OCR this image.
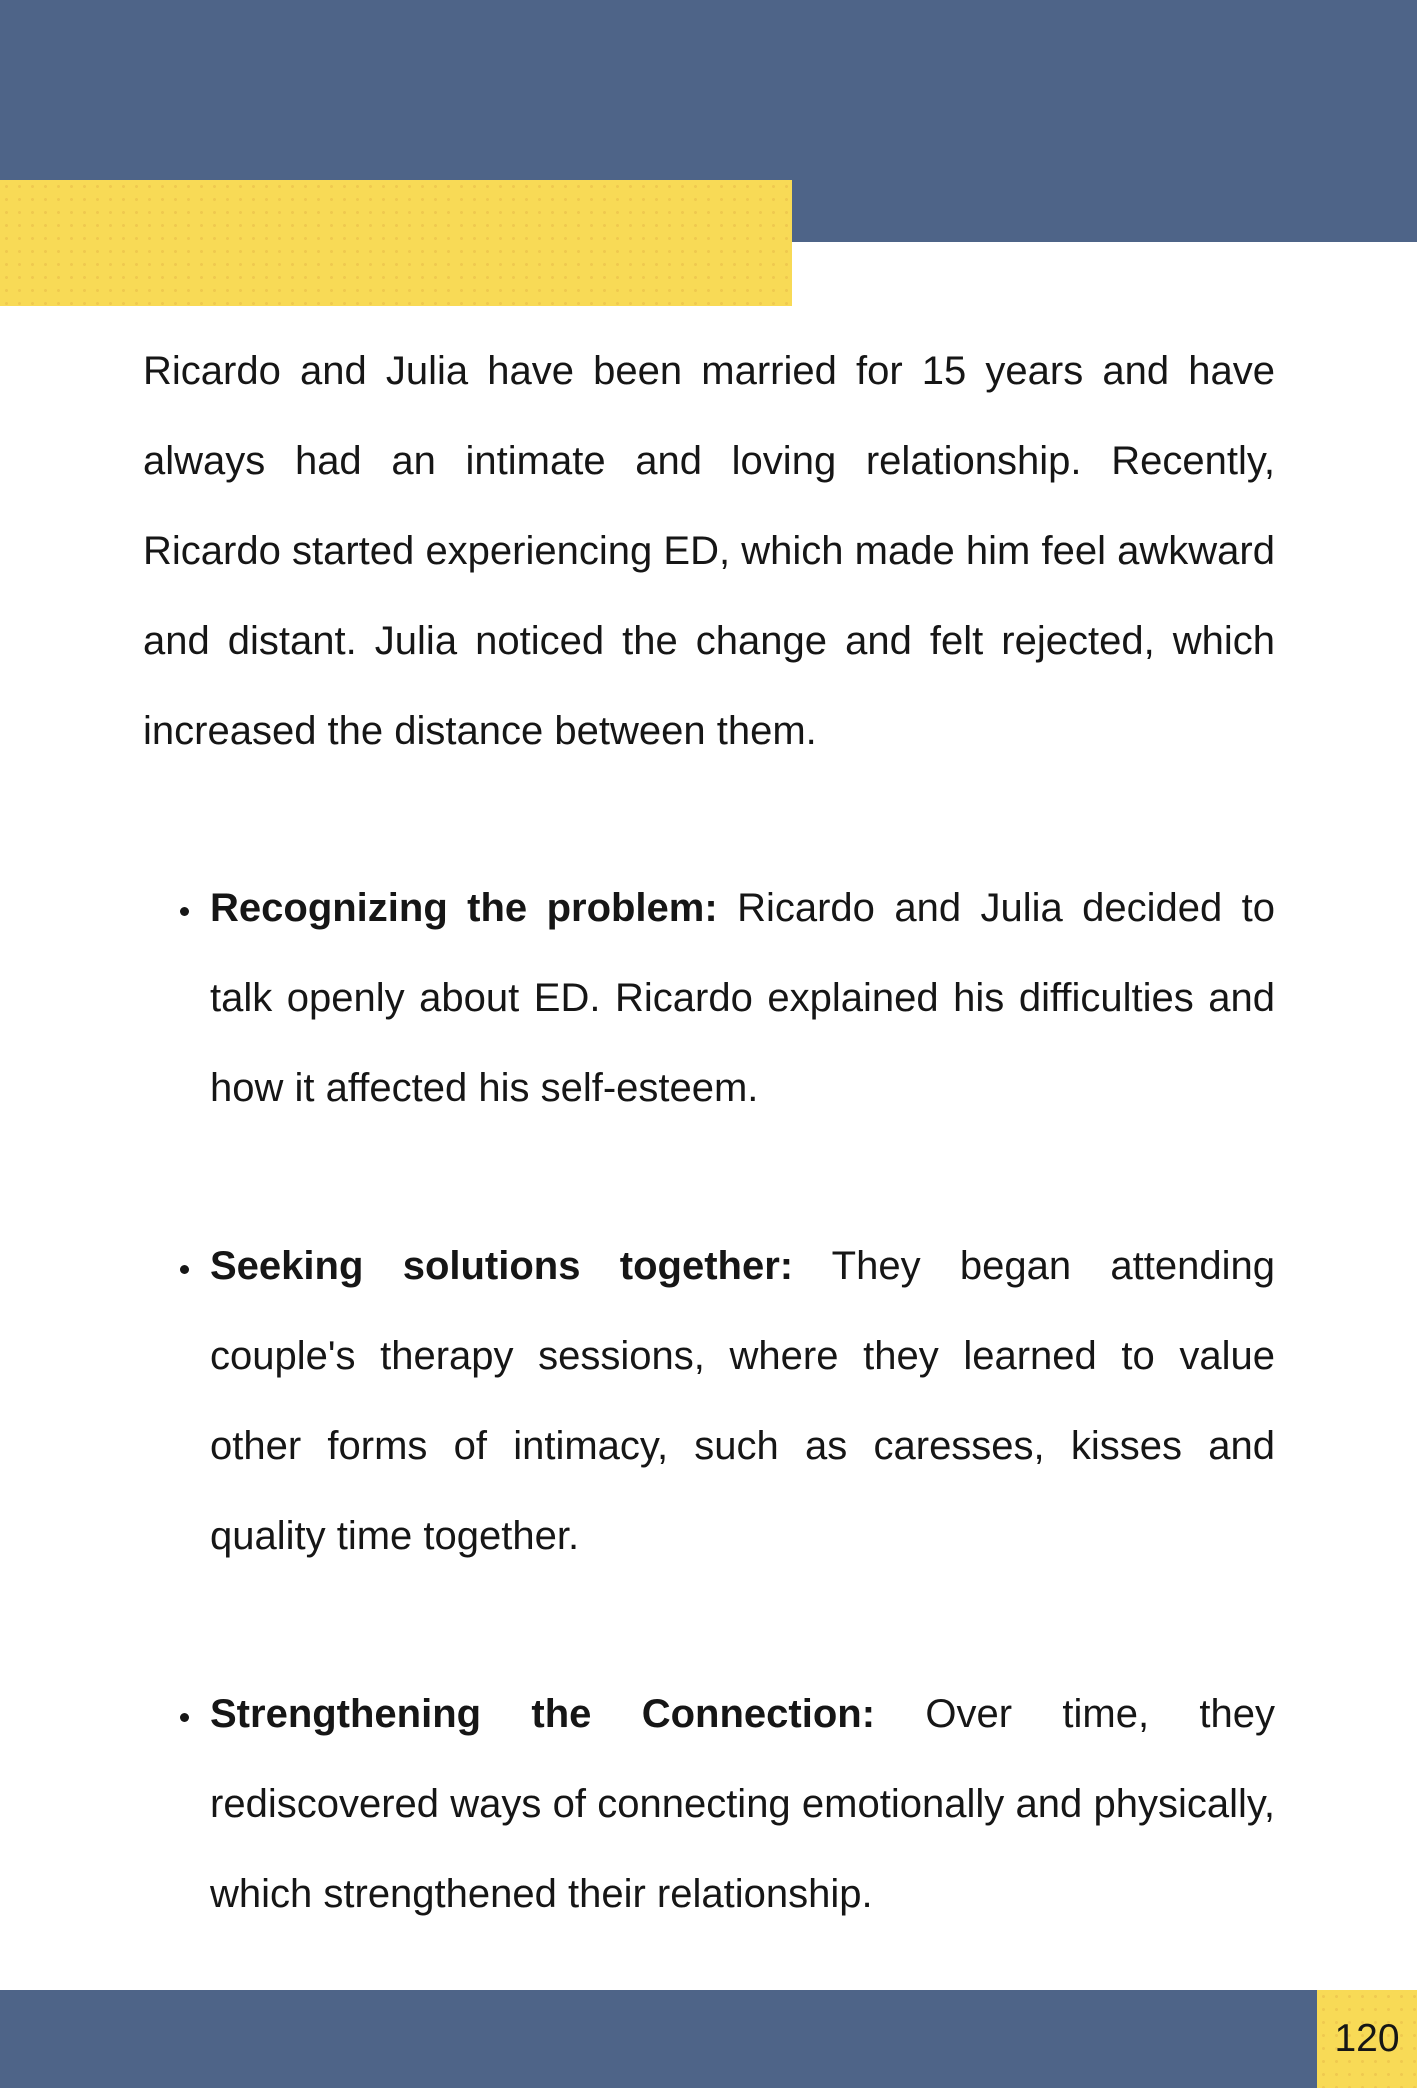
Ricardo and Julia have been married for 15 years and have always had an intimate and loving relationship. Recently, Ricardo started experiencing ED, which made him feel awkward and distant. Julia noticed the change and felt rejected, which increased the distance between them.

Recognizing the problem: Ricardo and Julia decided to talk openly about ED. Ricardo explained his difficulties and how it affected his self-esteem.
Seeking solutions together: They began attending couple's therapy sessions, where they learned to value other forms of intimacy, such as caresses, kisses and quality time together.
Strengthening the Connection: Over time, they rediscovered ways of connecting emotionally and physically, which strengthened their relationship.
120
